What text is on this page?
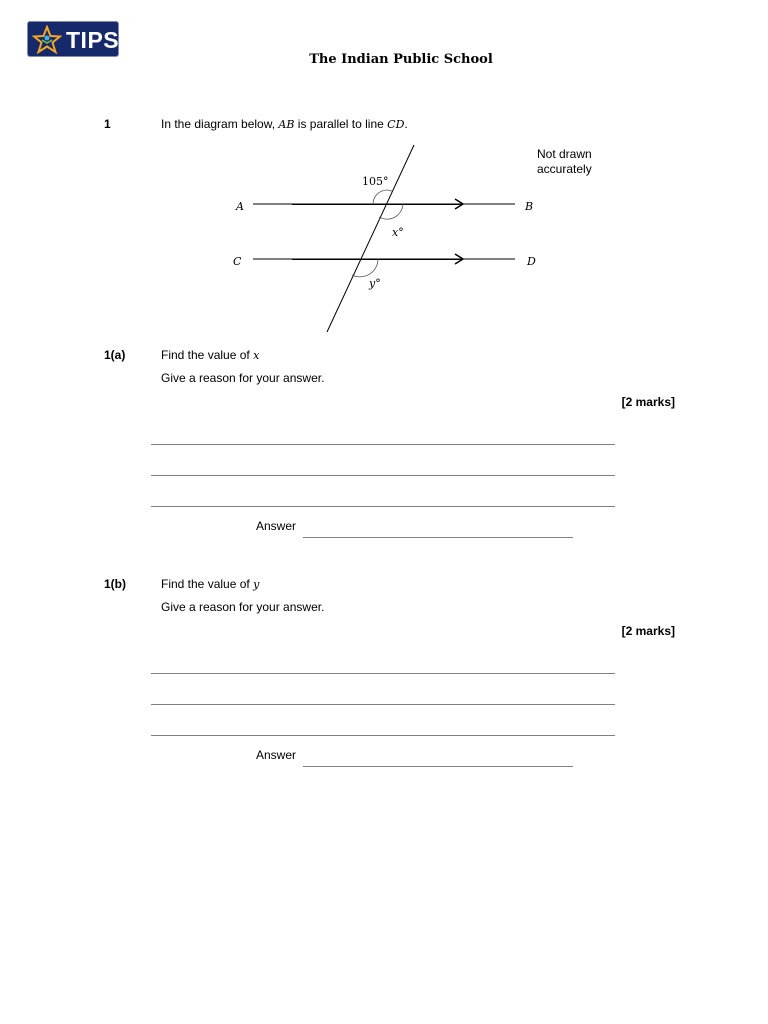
TIPS
The Indian Public School
1	In the diagram below, AB is parallel to line CD.
Not drawn
accurately
105°
x°
y°
A	B
C	D
1(a)	Find the value of x
Give a reason for your answer.
[2 marks]
Answer
1(b)	Find the value of y
Give a reason for your answer.
[2 marks]
Answer
